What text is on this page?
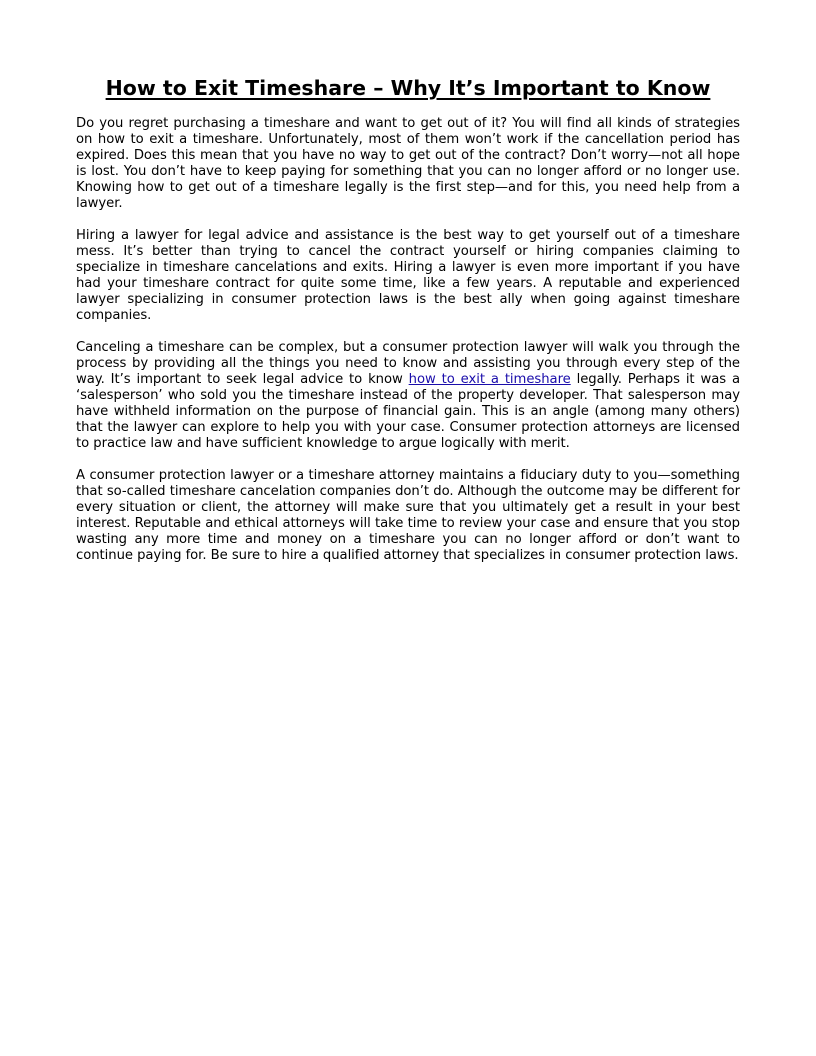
How to Exit Timeshare – Why It’s Important to Know

Do you regret purchasing a timeshare and want to get out of it? You will find all kinds of strategies on how to exit a timeshare. Unfortunately, most of them won’t work if the cancellation period has expired. Does this mean that you have no way to get out of the contract? Don’t worry—not all hope is lost. You don’t have to keep paying for something that you can no longer afford or no longer use. Knowing how to get out of a timeshare legally is the first step—and for this, you need help from a lawyer.

Hiring a lawyer for legal advice and assistance is the best way to get yourself out of a timeshare mess. It’s better than trying to cancel the contract yourself or hiring companies claiming to specialize in timeshare cancelations and exits. Hiring a lawyer is even more important if you have had your timeshare contract for quite some time, like a few years. A reputable and experienced lawyer specializing in consumer protection laws is the best ally when going against timeshare companies.

Canceling a timeshare can be complex, but a consumer protection lawyer will walk you through the process by providing all the things you need to know and assisting you through every step of the way. It’s important to seek legal advice to know how to exit a timeshare legally. Perhaps it was a ‘salesperson’ who sold you the timeshare instead of the property developer. That salesperson may have withheld information on the purpose of financial gain. This is an angle (among many others) that the lawyer can explore to help you with your case. Consumer protection attorneys are licensed to practice law and have sufficient knowledge to argue logically with merit.

A consumer protection lawyer or a timeshare attorney maintains a fiduciary duty to you—something that so-called timeshare cancelation companies don’t do. Although the outcome may be different for every situation or client, the attorney will make sure that you ultimately get a result in your best interest. Reputable and ethical attorneys will take time to review your case and ensure that you stop wasting any more time and money on a timeshare you can no longer afford or don’t want to continue paying for. Be sure to hire a qualified attorney that specializes in consumer protection laws.
